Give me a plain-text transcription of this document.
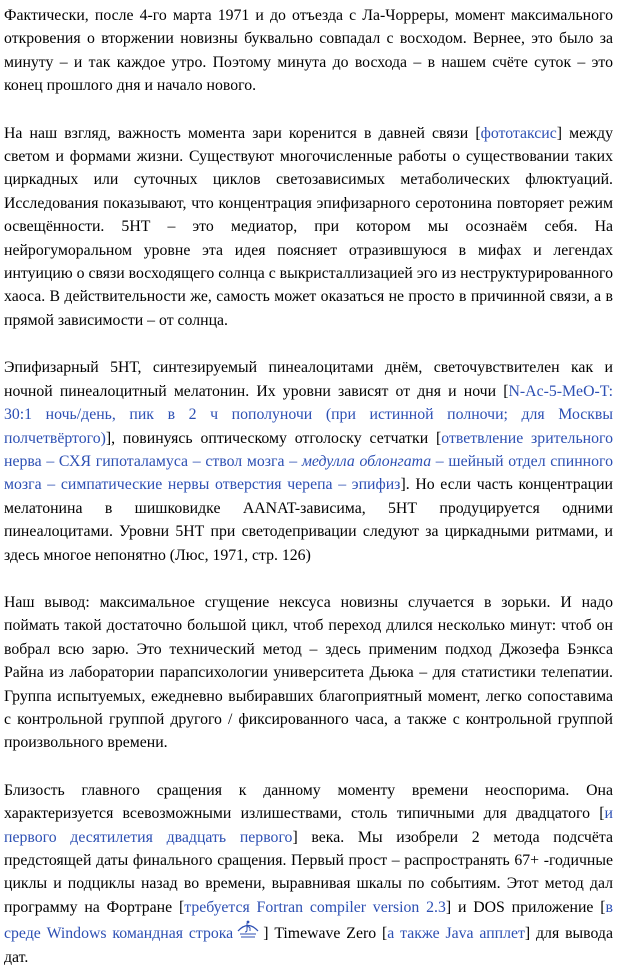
Фактически, после 4-го марта 1971 и до отъезда с Ла-Чорреры, момент максимального откровения о вторжении новизны буквально совпадал с восходом. Вернее, это было за минуту – и так каждое утро. Поэтому минута до восхода – в нашем счёте суток – это конец прошлого дня и начало нового.

На наш взгляд, важность момента зари коренится в давней связи [фототаксис] между светом и формами жизни. Существуют многочисленные работы о существовании таких циркадных или суточных циклов светозависимых метаболических флюктуаций. Исследования показывают, что концентрация эпифизарного серотонина повторяет режим освещённости. 5НТ – это медиатор, при котором мы осознаём себя. На нейрогуморальном уровне эта идея поясняет отразившуюся в мифах и легендах интуицию о связи восходящего солнца с выкристаллизацией эго из неструктурированного хаоса. В действительности же, самость может оказаться не просто в причинной связи, а в прямой зависимости – от солнца.

Эпифизарный 5НТ, синтезируемый пинеалоцитами днём, светочувствителен как и ночной пинеалоцитный мелатонин. Их уровни зависят от дня и ночи [N-Ac-5-MeO-T: 30:1 ночь/день, пик в 2 ч пополуночи (при истинной полночи; для Москвы полчетвёртого)], повинуясь оптическому отголоску сетчатки [ответвление зрительного нерва – СХЯ гипоталамуса – ствол мозга – медулла облонгата – шейный отдел спинного мозга – симпатические нервы отверстия черепа – эпифиз]. Но если часть концентрации мелатонина в шишковидке AANAT-зависима, 5НТ продуцируется одними пинеалоцитами. Уровни 5НТ при светодепривации следуют за циркадными ритмами, и здесь многое непонятно (Люс, 1971, стр. 126)

Наш вывод: максимальное сгущение нексуса новизны случается в зорьки. И надо поймать такой достаточно большой цикл, чтоб переход длился несколько минут: чтоб он вобрал всю зарю. Это технический метод – здесь применим подход Джозефа Бэнкса Райна из лаборатории парапсихологии университета Дьюка – для статистики телепатии. Группа испытуемых, ежедневно выбиравших благоприятный момент, легко сопоставима с контрольной группой другого / фиксированного часа, а также с контрольной группой произвольного времени.

Близость главного сращения к данному моменту времени неоспорима. Она характеризуется всевозможными излишествами, столь типичными для двадцатого [и первого десятилетия двадцать первого] века. Мы изобрели 2 метода подсчёта предстоящей даты финального сращения. Первый прост – распространять 67+ -годичные циклы и подциклы назад во времени, выравнивая шкалы по событиям. Этот метод дал программу на Фортране [требуется Fortran compiler version 2.3] и DOS приложение [в среде Windows командная строка ] Timewave Zero [а также Java апплет] для вывода дат.
